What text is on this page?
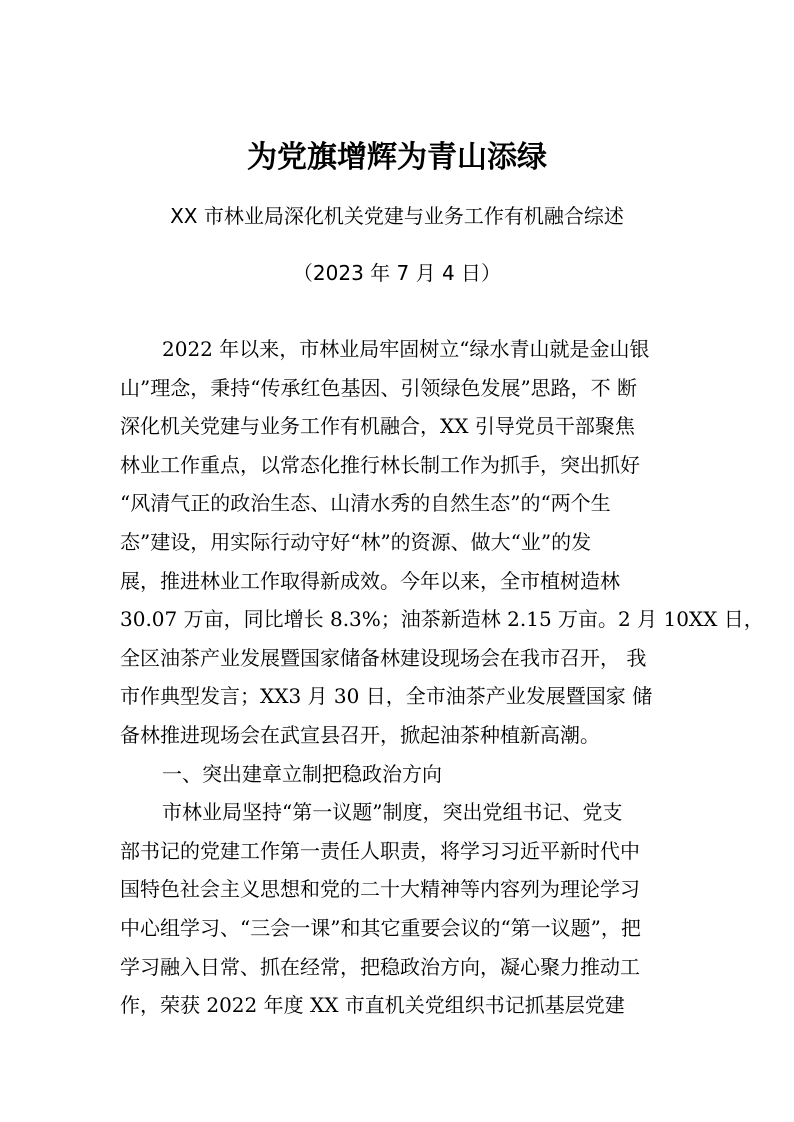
为党旗增辉为青山添绿
XX 市林业局深化机关党建与业务工作有机融合综述
（2023 年 7 月 4 日）
2022 年以来，市林业局牢固树立“绿水青山就是金山银
山”理念，秉持“传承红色基因、引领绿色发展”思路，不 断
深化机关党建与业务工作有机融合，XX 引导党员干部聚焦
林业工作重点，以常态化推行林长制工作为抓手，突出抓好
“风清气正的政治生态、山清水秀的自然生态”的“两个生
态”建设，用实际行动守好“林”的资源、做大“业”的发
展，推进林业工作取得新成效。今年以来，全市植树造林
30.07 万亩，同比增长 8.3%；油茶新造林 2.15 万亩。2 月 10XX 日，
全区油茶产业发展暨国家储备林建设现场会在我市召开， 我
市作典型发言；XX3 月 30 日，全市油茶产业发展暨国家 储
备林推进现场会在武宣县召开，掀起油茶种植新高潮。
一、突出建章立制把稳政治方向
市林业局坚持“第一议题”制度，突出党组书记、党支
部书记的党建工作第一责任人职责，将学习习近平新时代中
国特色社会主义思想和党的二十大精神等内容列为理论学习
中心组学习、“三会一课”和其它重要会议的“第一议题”，把
学习融入日常、抓在经常，把稳政治方向，凝心聚力推动工
作，荣获 2022 年度 XX 市直机关党组织书记抓基层党建
